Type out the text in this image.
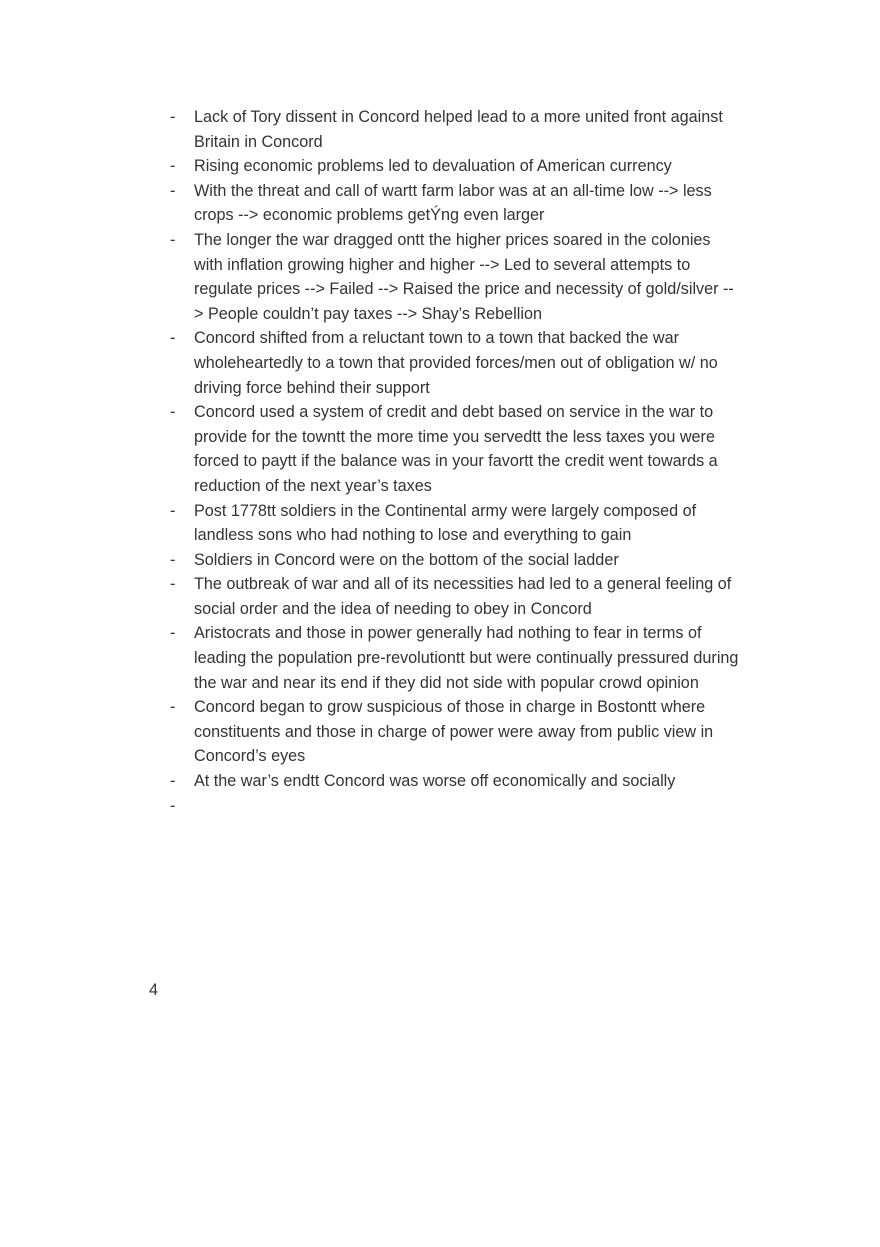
-	Lack of Tory dissent in Concord helped lead to a more united front against Britain in Concord
-	Rising economic problems led to devaluation of American currency
-	With the threat and call of wartt farm labor was at an all-time low --> less crops --> economic problems getÝng even larger
-	The longer the war dragged ontt the higher prices soared in the colonies with inflation growing higher and higher --> Led to several attempts to regulate prices --> Failed --> Raised the price and necessity of gold/silver --> People couldn’t pay taxes --> Shay’s Rebellion
-	Concord shifted from a reluctant town to a town that backed the war wholeheartedly to a town that provided forces/men out of obligation w/ no driving force behind their support
-	Concord used a system of credit and debt based on service in the war to provide for the towntt the more time you servedtt the less taxes you were forced to paytt if the balance was in your favortt the credit went towards a reduction of the next year’s taxes
-	Post 1778tt soldiers in the Continental army were largely composed of landless sons who had nothing to lose and everything to gain
-	Soldiers in Concord were on the bottom of the social ladder
-	The outbreak of war and all of its necessities had led to a general feeling of social order and the idea of needing to obey in Concord
-	Aristocrats and those in power generally had nothing to fear in terms of leading the population pre-revolutiontt but were continually pressured during the war and near its end if they did not side with popular crowd opinion
-	Concord began to grow suspicious of those in charge in Bostontt where constituents and those in charge of power were away from public view in Concord’s eyes
-	At the war’s endtt Concord was worse off economically and socially
-
4
